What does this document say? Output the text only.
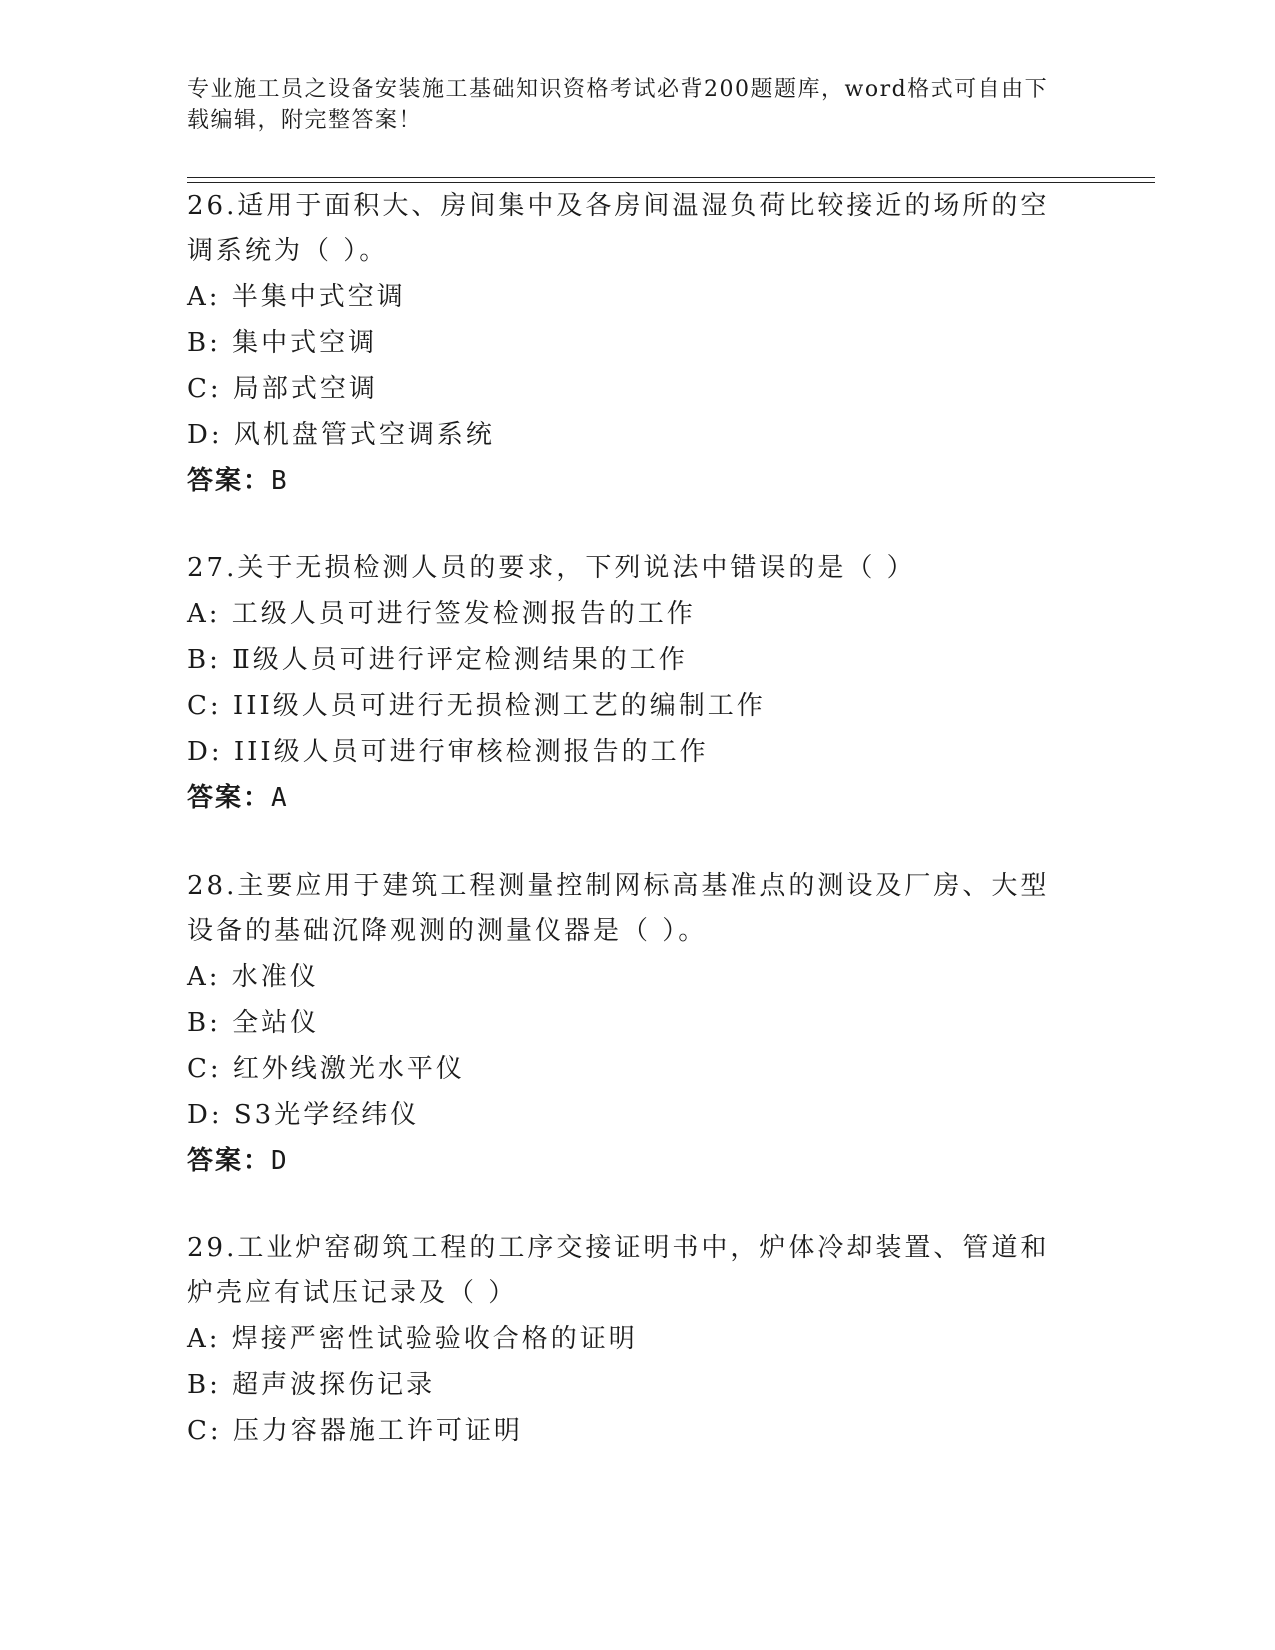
专业施工员之设备安装施工基础知识资格考试必背200题题库，word格式可自由下载编辑，附完整答案！

26.适用于面积大、房间集中及各房间温湿负荷比较接近的场所的空调系统为（ ）。

A: 半集中式空调

B: 集中式空调

C: 局部式空调

D: 风机盘管式空调系统

答案：B

27.关于无损检测人员的要求，下列说法中错误的是（ ）

A: 工级人员可进行签发检测报告的工作

B: Ⅱ级人员可进行评定检测结果的工作

C: III级人员可进行无损检测工艺的编制工作

D: III级人员可进行审核检测报告的工作

答案：A

28.主要应用于建筑工程测量控制网标高基准点的测设及厂房、大型设备的基础沉降观测的测量仪器是（ ）。

A: 水准仪

B: 全站仪

C: 红外线激光水平仪

D: S3光学经纬仪

答案：D

29.工业炉窑砌筑工程的工序交接证明书中，炉体冷却装置、管道和炉壳应有试压记录及（ ）

A: 焊接严密性试验验收合格的证明

B: 超声波探伤记录

C: 压力容器施工许可证明
